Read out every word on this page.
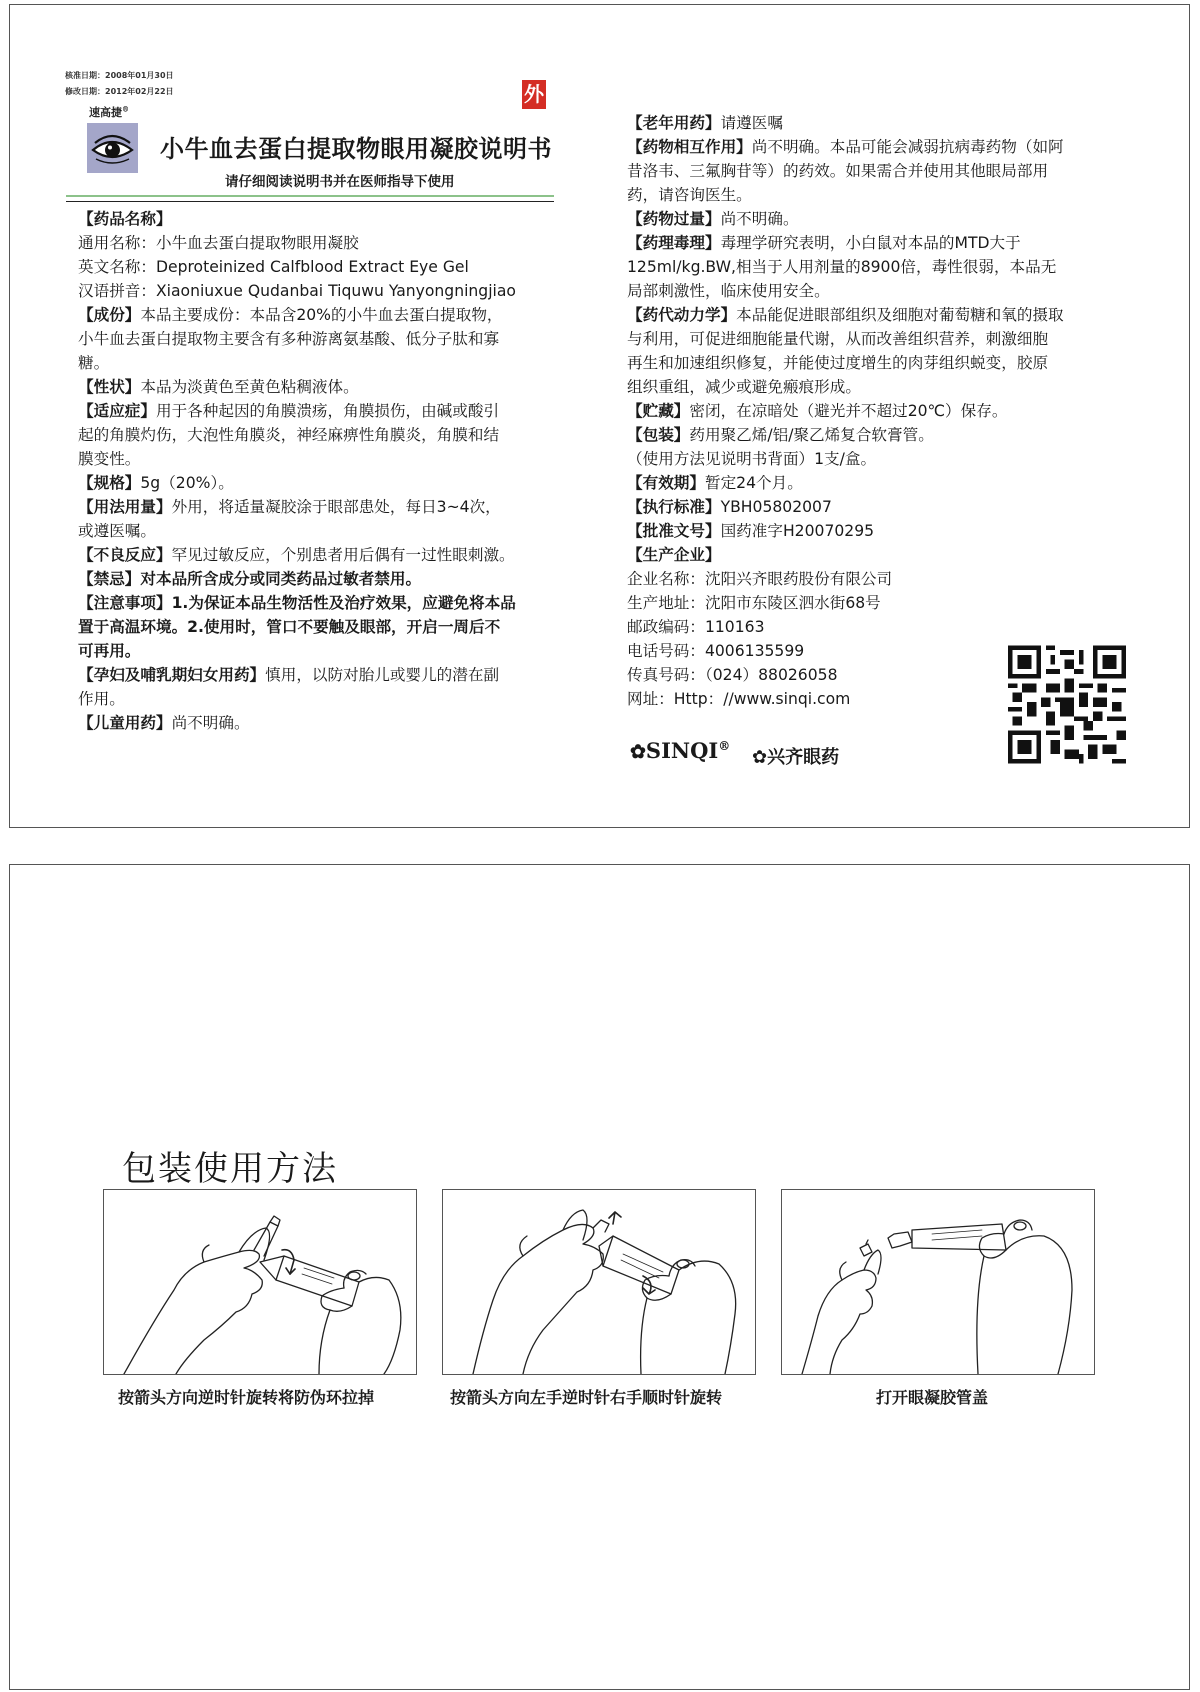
核准日期：2008年01月30日
修改日期：2012年02月22日
速高捷®
小牛血去蛋白提取物眼用凝胶说明书
请仔细阅读说明书并在医师指导下使用
外
【药品名称】
通用名称：小牛血去蛋白提取物眼用凝胶
英文名称：Deproteinized Calfblood Extract Eye Gel
汉语拼音：Xiaoniuxue Qudanbai Tiquwu Yanyongningjiao
【成份】本品主要成份：本品含20%的小牛血去蛋白提取物，
小牛血去蛋白提取物主要含有多种游离氨基酸、低分子肽和寡
糖。
【性状】本品为淡黄色至黄色粘稠液体。
【适应症】用于各种起因的角膜溃疡，角膜损伤，由碱或酸引
起的角膜灼伤，大泡性角膜炎，神经麻痹性角膜炎，角膜和结
膜变性。
【规格】5g（20%）。
【用法用量】外用，将适量凝胶涂于眼部患处，每日3~4次，
或遵医嘱。
【不良反应】罕见过敏反应，个别患者用后偶有一过性眼刺激。
【禁忌】对本品所含成分或同类药品过敏者禁用。
【注意事项】1.为保证本品生物活性及治疗效果，应避免将本品
置于高温环境。2.使用时，管口不要触及眼部，开启一周后不
可再用。
【孕妇及哺乳期妇女用药】慎用，以防对胎儿或婴儿的潜在副
作用。
【儿童用药】尚不明确。
【老年用药】请遵医嘱
【药物相互作用】尚不明确。本品可能会减弱抗病毒药物（如阿
昔洛韦、三氟胸苷等）的药效。如果需合并使用其他眼局部用
药，请咨询医生。
【药物过量】尚不明确。
【药理毒理】毒理学研究表明，小白鼠对本品的MTD大于
125ml/kg.BW,相当于人用剂量的8900倍，毒性很弱，本品无
局部刺激性，临床使用安全。
【药代动力学】本品能促进眼部组织及细胞对葡萄糖和氧的摄取
与利用，可促进细胞能量代谢，从而改善组织营养，刺激细胞
再生和加速组织修复，并能使过度增生的肉芽组织蜕变，胶原
组织重组，减少或避免瘢痕形成。
【贮藏】密闭，在凉暗处（避光并不超过20℃）保存。
【包装】药用聚乙烯/铝/聚乙烯复合软膏管。
（使用方法见说明书背面）1支/盒。
【有效期】暂定24个月。
【执行标准】YBH05802007
【批准文号】国药准字H20070295
【生产企业】
企业名称：沈阳兴齐眼药股份有限公司
生产地址：沈阳市东陵区泗水街68号
邮政编码：110163
电话号码：4006135599
传真号码：（024）88026058
网址：Http：//www.sinqi.com
✿SINQI®
✿兴齐眼药
包装使用方法
按箭头方向逆时针旋转将防伪环拉掉	按箭头方向左手逆时针右手顺时针旋转	打开眼凝胶管盖
